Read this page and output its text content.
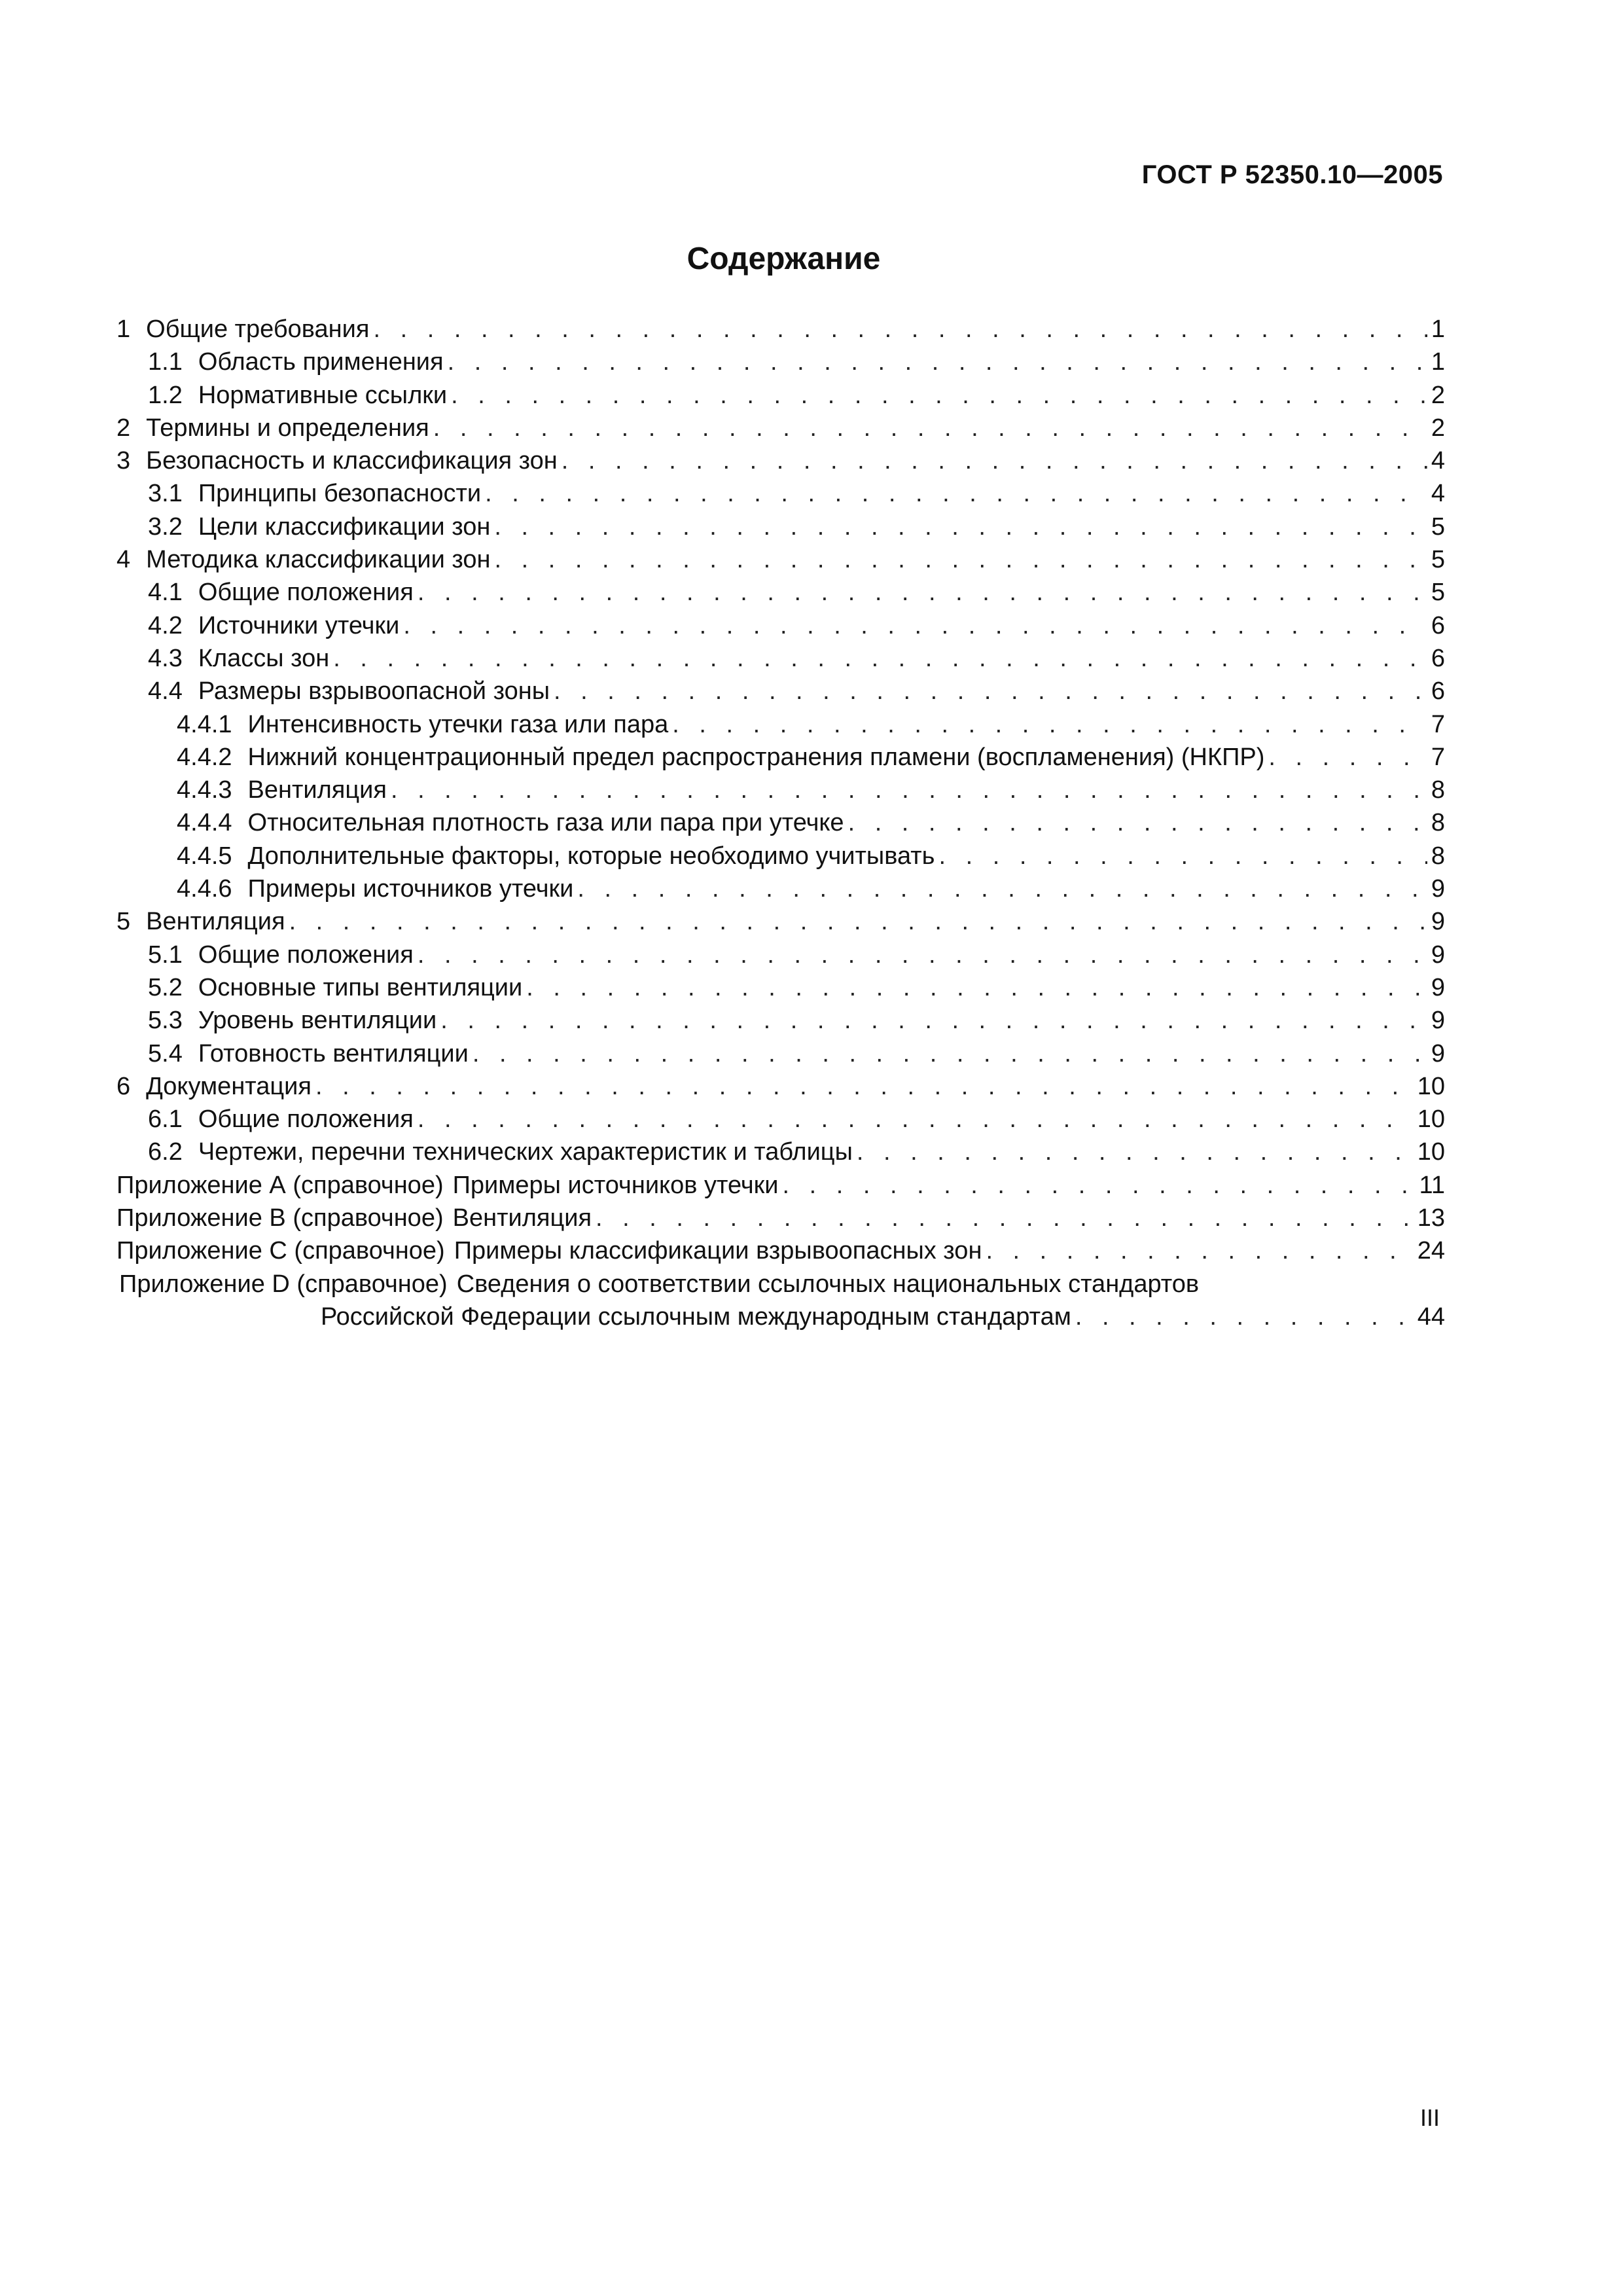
ГОСТ Р 52350.10—2005
Содержание
1 Общие требования . . .	1
1.1 Область применения . . .	1
1.2 Нормативные ссылки . . .	2
2 Термины и определения . . .	2
3 Безопасность и классификация зон . . .	4
3.1 Принципы безопасности . . .	4
3.2 Цели классификации зон . . .	5
4 Методика классификации зон . . .	5
4.1 Общие положения . . .	5
4.2 Источники утечки . . .	6
4.3 Классы зон . . .	6
4.4 Размеры взрывоопасной зоны . . .	6
4.4.1 Интенсивность утечки газа или пара . . .	7
4.4.2 Нижний концентрационный предел распространения пламени (воспламенения) (НКПР) . . .	7
4.4.3 Вентиляция . . .	8
4.4.4 Относительная плотность газа или пара при утечке . . .	8
4.4.5 Дополнительные факторы, которые необходимо учитывать . . .	8
4.4.6 Примеры источников утечки . . .	9
5 Вентиляция . . .	9
5.1 Общие положения . . .	9
5.2 Основные типы вентиляции . . .	9
5.3 Уровень вентиляции . . .	9
5.4 Готовность вентиляции . . .	9
6 Документация . . .	10
6.1 Общие положения . . .	10
6.2 Чертежи, перечни технических характеристик и таблицы . . .	10
Приложение А (справочное) Примеры источников утечки . . .	11
Приложение В (справочное) Вентиляция . . .	13
Приложение С (справочное) Примеры классификации взрывоопасных зон . . .	24
Приложение D (справочное) Сведения о соответствии ссылочных национальных стандартов
Российской Федерации ссылочным международным стандартам . . .	44
III
